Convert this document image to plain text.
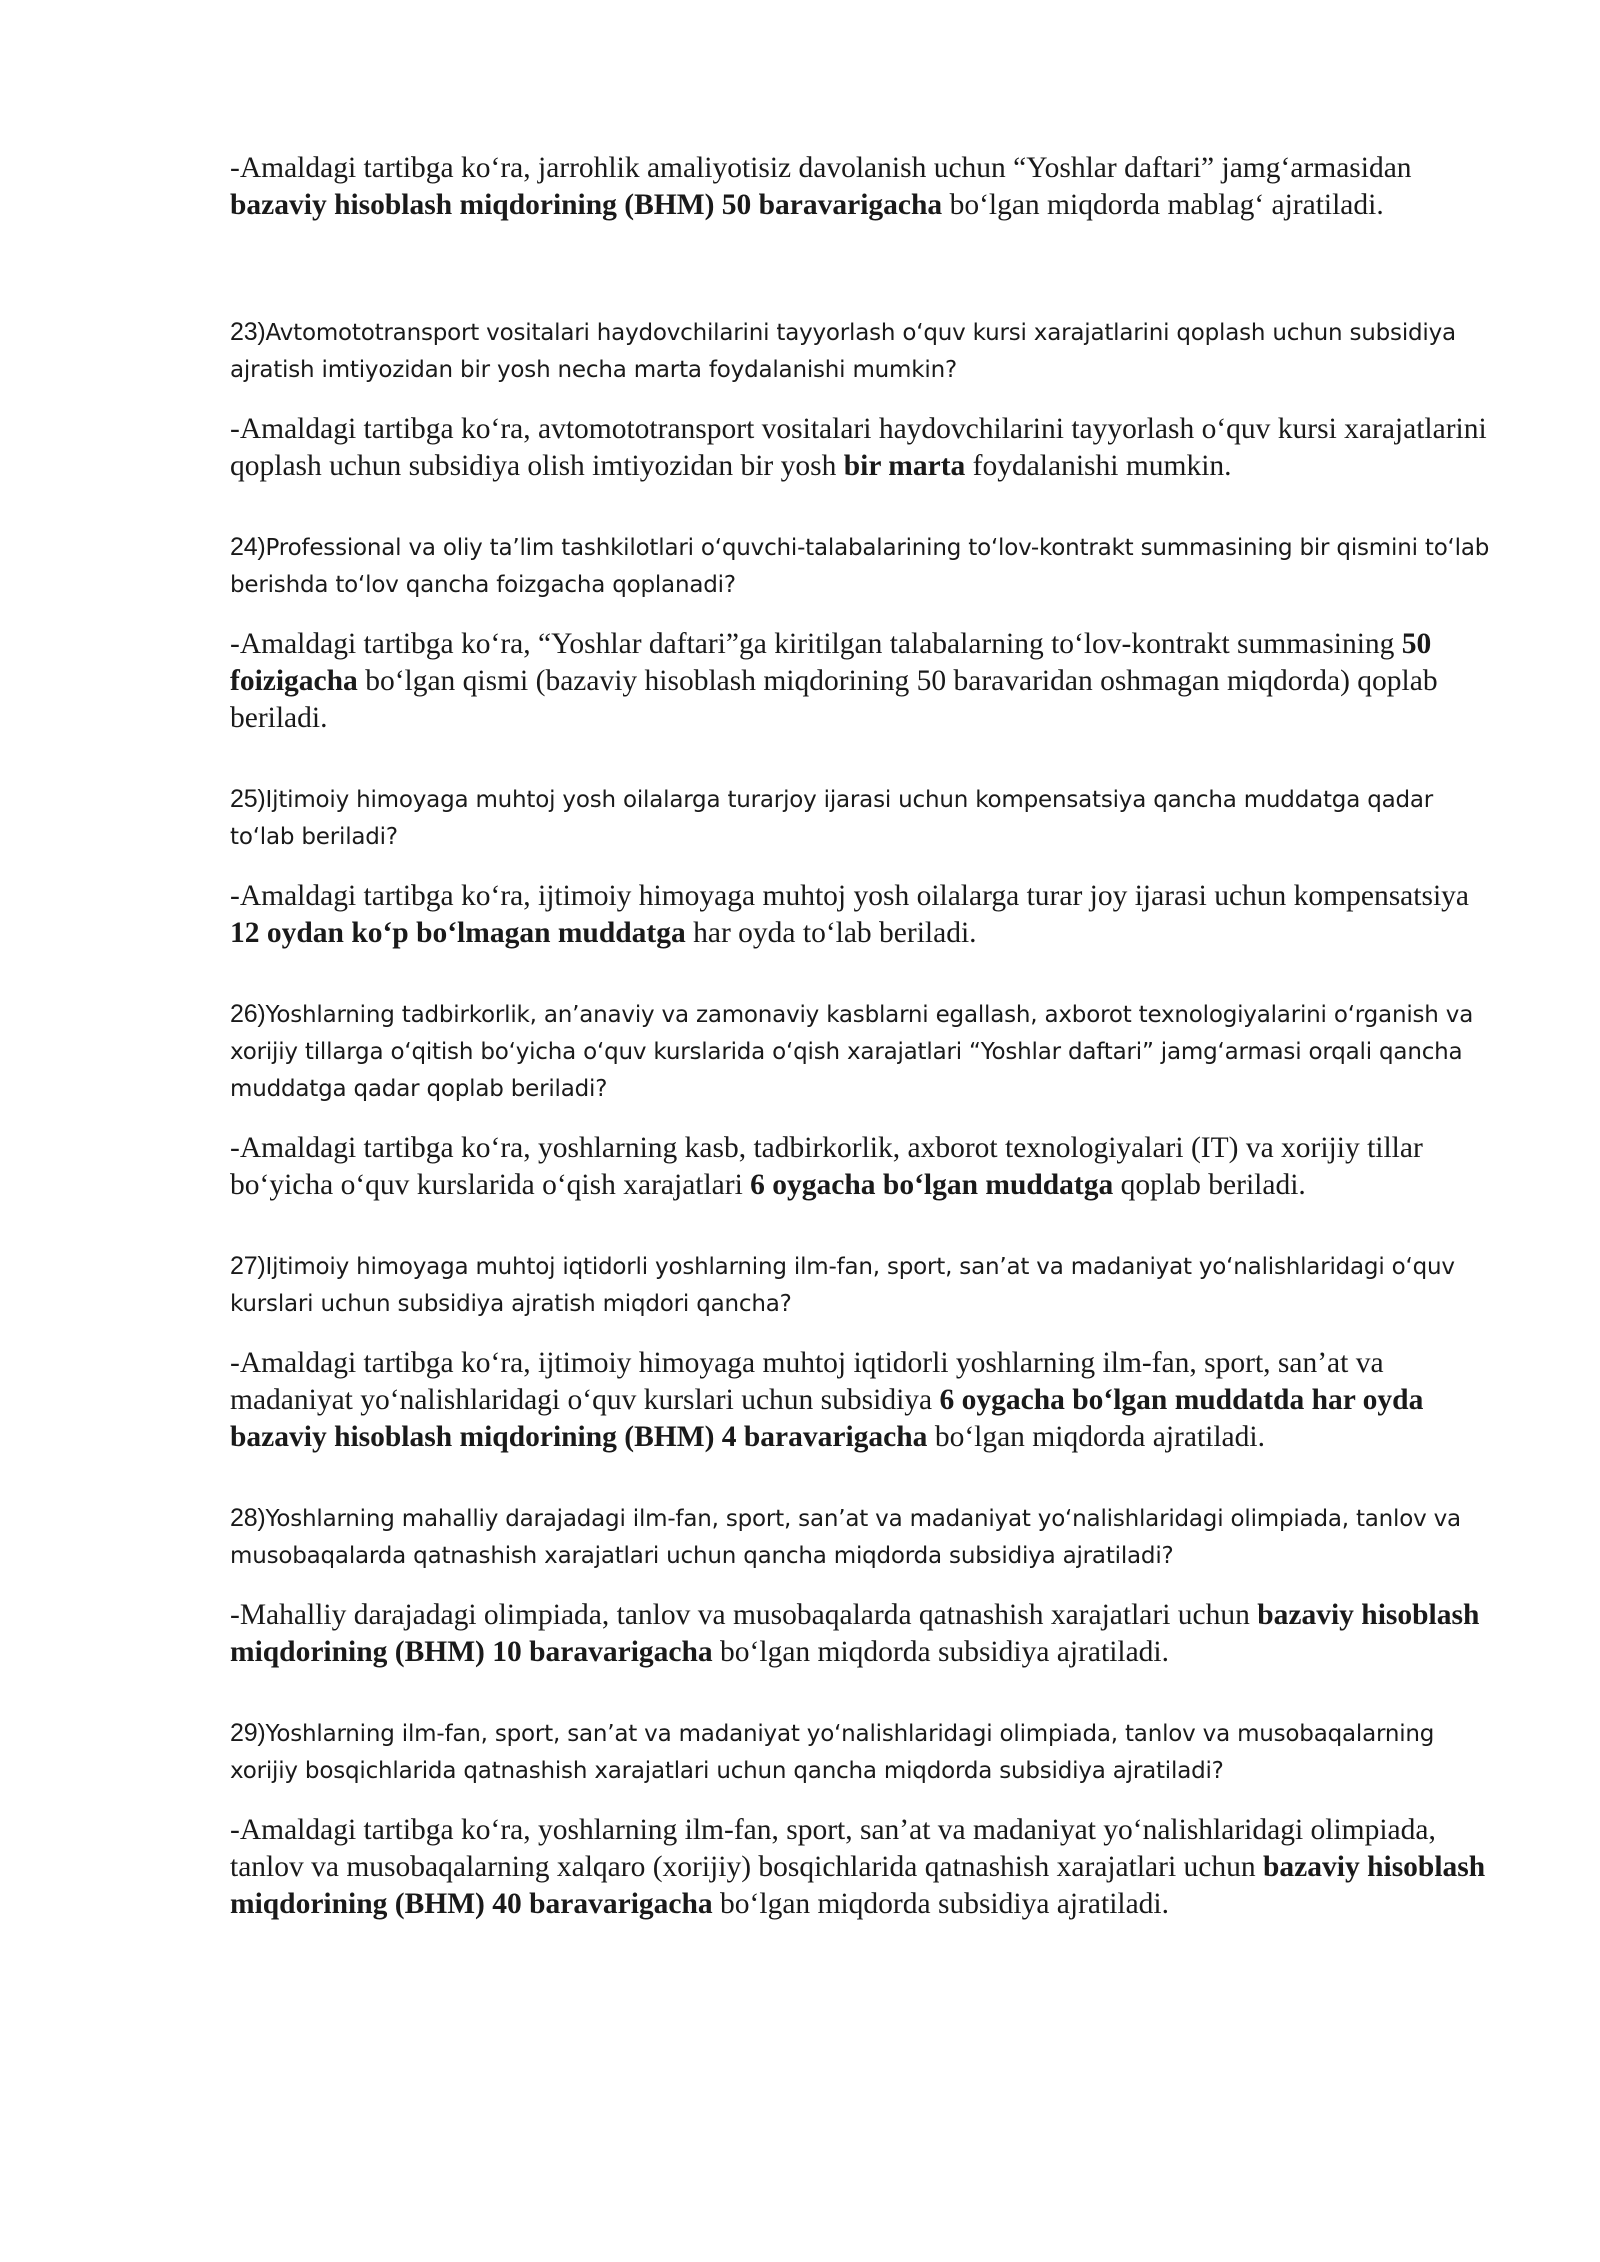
-Amaldagi tartibga ko‘ra, jarrohlik amaliyotisiz davolanish uchun “Yoshlar daftari” jamg‘armasidan bazaviy hisoblash miqdorining (BHM) 50 baravarigacha bo‘lgan miqdorda mablag‘ ajratiladi.

23)Avtomototransport vositalari haydovchilarini tayyorlash o‘quv kursi xarajatlarini qoplash uchun subsidiya ajratish imtiyozidan bir yosh necha marta foydalanishi mumkin?

-Amaldagi tartibga ko‘ra, avtomototransport vositalari haydovchilarini tayyorlash o‘quv kursi xarajatlarini qoplash uchun subsidiya olish imtiyozidan bir yosh bir marta foydalanishi mumkin.

24)Professional va oliy ta’lim tashkilotlari o‘quvchi-talabalarining to‘lov-kontrakt summasining bir qismini to‘lab berishda to‘lov qancha foizgacha qoplanadi?

-Amaldagi tartibga ko‘ra, “Yoshlar daftari”ga kiritilgan talabalarning to‘lov-kontrakt summasining 50 foizigacha bo‘lgan qismi (bazaviy hisoblash miqdorining 50 baravaridan oshmagan miqdorda) qoplab beriladi.

25)Ijtimoiy himoyaga muhtoj yosh oilalarga turarjoy ijarasi uchun kompensatsiya qancha muddatga qadar to‘lab beriladi?

-Amaldagi tartibga ko‘ra, ijtimoiy himoyaga muhtoj yosh oilalarga turar joy ijarasi uchun kompensatsiya 12 oydan ko‘p bo‘lmagan muddatga har oyda to‘lab beriladi.

26)Yoshlarning tadbirkorlik, an’anaviy va zamonaviy kasblarni egallash, axborot texnologiyalarini o‘rganish va xorijiy tillarga o‘qitish bo‘yicha o‘quv kurslarida o‘qish xarajatlari “Yoshlar daftari” jamg‘armasi orqali qancha muddatga qadar qoplab beriladi?

-Amaldagi tartibga ko‘ra, yoshlarning kasb, tadbirkorlik, axborot texnologiyalari (IT) va xorijiy tillar bo‘yicha o‘quv kurslarida o‘qish xarajatlari 6 oygacha bo‘lgan muddatga qoplab beriladi.

27)Ijtimoiy himoyaga muhtoj iqtidorli yoshlarning ilm-fan, sport, san’at va madaniyat yo‘nalishlaridagi o‘quv kurslari uchun subsidiya ajratish miqdori qancha?

-Amaldagi tartibga ko‘ra, ijtimoiy himoyaga muhtoj iqtidorli yoshlarning ilm-fan, sport, san’at va madaniyat yo‘nalishlaridagi o‘quv kurslari uchun subsidiya 6 oygacha bo‘lgan muddatda har oyda bazaviy hisoblash miqdorining (BHM) 4 baravarigacha bo‘lgan miqdorda ajratiladi.

28)Yoshlarning mahalliy darajadagi ilm-fan, sport, san’at va madaniyat yo‘nalishlaridagi olimpiada, tanlov va musobaqalarda qatnashish xarajatlari uchun qancha miqdorda subsidiya ajratiladi?

-Mahalliy darajadagi olimpiada, tanlov va musobaqalarda qatnashish xarajatlari uchun bazaviy hisoblash miqdorining (BHM) 10 baravarigacha bo‘lgan miqdorda subsidiya ajratiladi.

29)Yoshlarning ilm-fan, sport, san’at va madaniyat yo‘nalishlaridagi olimpiada, tanlov va musobaqalarning xorijiy bosqichlarida qatnashish xarajatlari uchun qancha miqdorda subsidiya ajratiladi?

-Amaldagi tartibga ko‘ra, yoshlarning ilm-fan, sport, san’at va madaniyat yo‘nalishlaridagi olimpiada, tanlov va musobaqalarning xalqaro (xorijiy) bosqichlarida qatnashish xarajatlari uchun bazaviy hisoblash miqdorining (BHM) 40 baravarigacha bo‘lgan miqdorda subsidiya ajratiladi.
